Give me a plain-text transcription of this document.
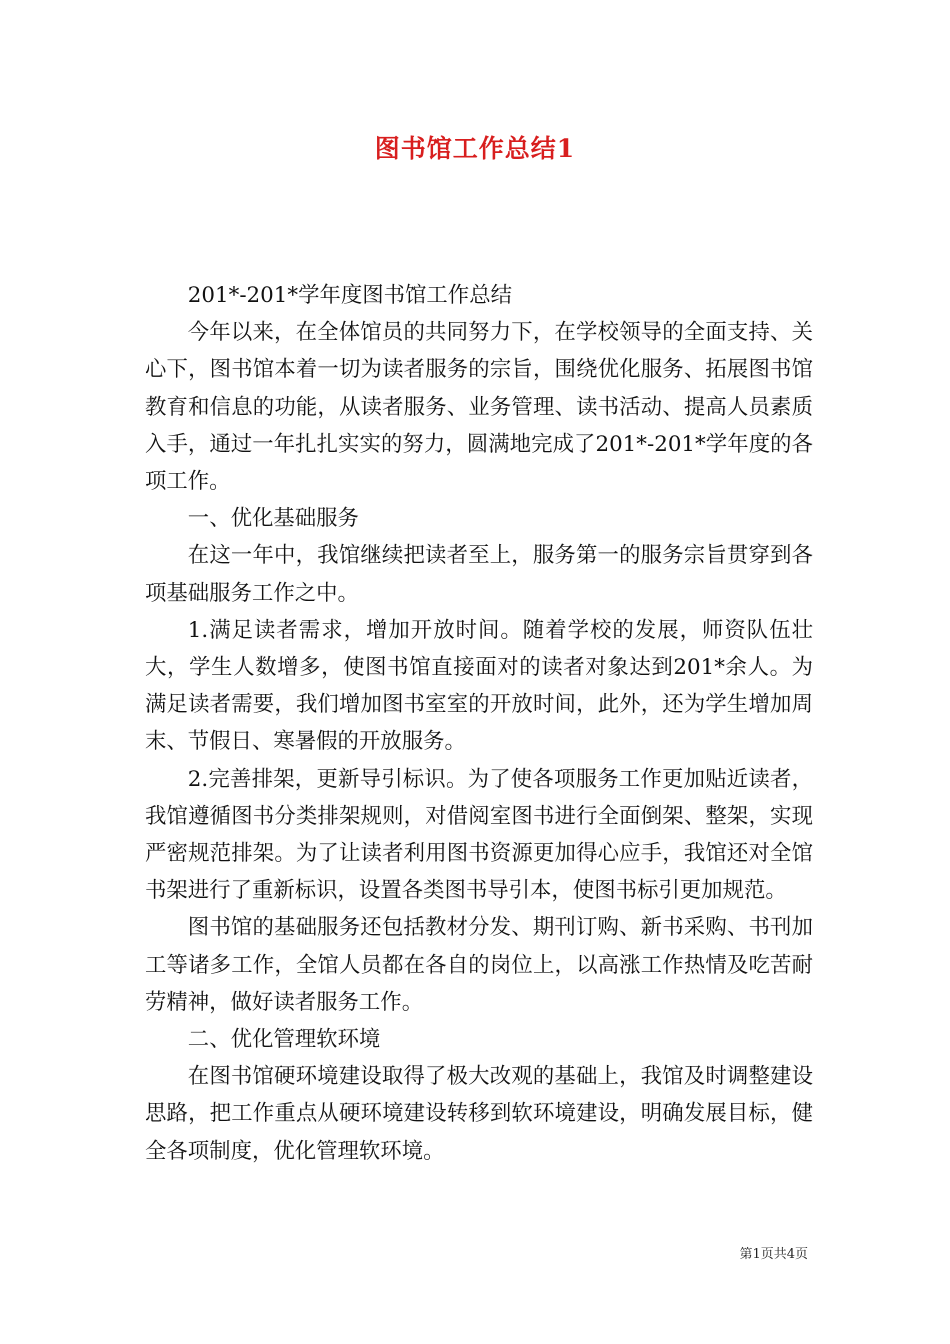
图书馆工作总结1

201*-201*学年度图书馆工作总结

今年以来，在全体馆员的共同努力下，在学校领导的全面支持、关心下，图书馆本着一切为读者服务的宗旨，围绕优化服务、拓展图书馆教育和信息的功能，从读者服务、业务管理、读书活动、提高人员素质入手，通过一年扎扎实实的努力，圆满地完成了201*-201*学年度的各项工作。

一、优化基础服务

在这一年中，我馆继续把读者至上，服务第一的服务宗旨贯穿到各项基础服务工作之中。

1.满足读者需求，增加开放时间。随着学校的发展，师资队伍壮大，学生人数增多，使图书馆直接面对的读者对象达到201*余人。为满足读者需要，我们增加图书室室的开放时间，此外，还为学生增加周末、节假日、寒暑假的开放服务。

2.完善排架，更新导引标识。为了使各项服务工作更加贴近读者，我馆遵循图书分类排架规则，对借阅室图书进行全面倒架、整架，实现严密规范排架。为了让读者利用图书资源更加得心应手，我馆还对全馆书架进行了重新标识，设置各类图书导引本，使图书标引更加规范。

图书馆的基础服务还包括教材分发、期刊订购、新书采购、书刊加工等诸多工作，全馆人员都在各自的岗位上，以高涨工作热情及吃苦耐劳精神，做好读者服务工作。

二、优化管理软环境

在图书馆硬环境建设取得了极大改观的基础上，我馆及时调整建设思路，把工作重点从硬环境建设转移到软环境建设，明确发展目标，健全各项制度，优化管理软环境。

第1页共4页
